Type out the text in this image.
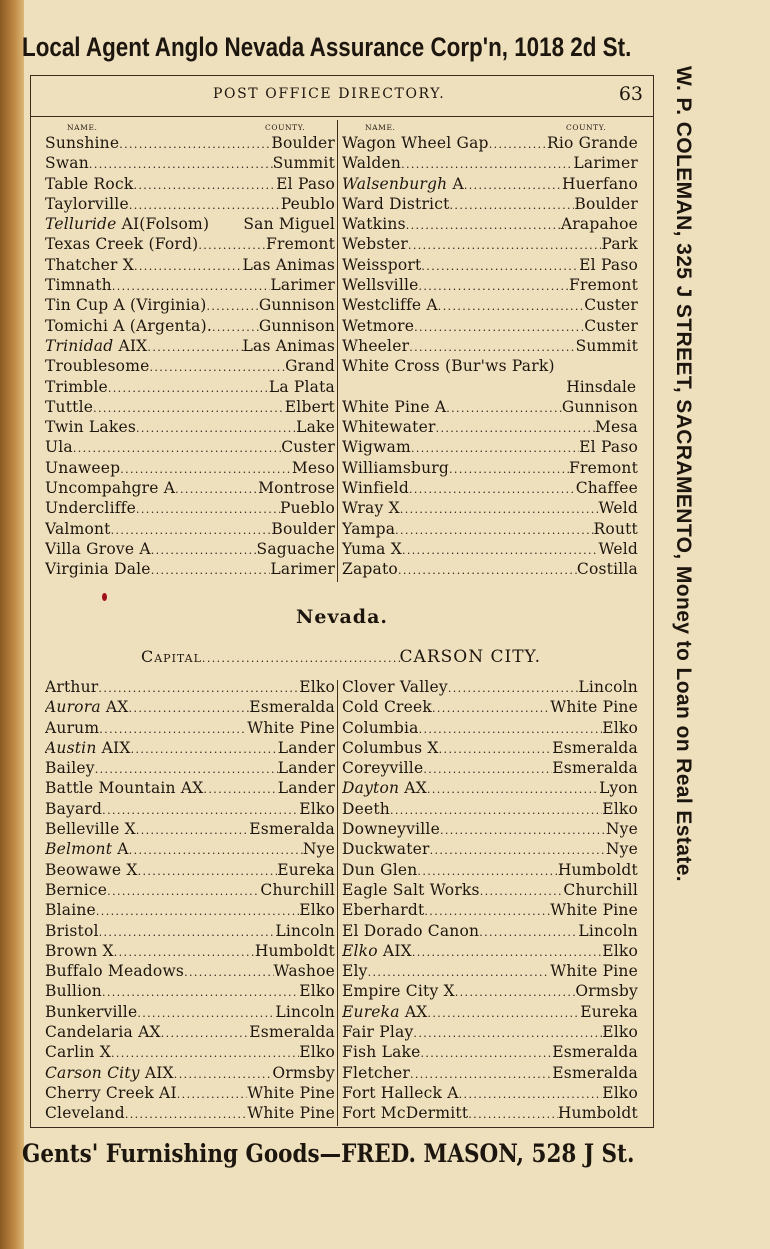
Local Agent Anglo Nevada Assurance Corp'n, 1018 2d St.
W. P. COLEMAN, 325 J STREET, SACRAMENTO, Money to Loan on Real Estate.
Gents' Furnishing Goods—FRED. MASON, 528 J St.
POST OFFICE DIRECTORY.	63
NAME.	COUNTY.	NAME.	COUNTY.
Sunshine .....	Boulder
Swan .....	Summit
Table Rock .....	El Paso
Taylorville .....	Peublo
Telluride AI(Folsom) San Miguel
Texas Creek (Ford) .....	Fremont
Thatcher X .....	Las Animas
Timnath .....	Larimer
Tin Cup A (Virginia) .....	Gunnison
Tomichi A (Argenta). .....	Gunnison
Trinidad AIX .....	Las Animas
Troublesome .....	Grand
Trimble .....	La Plata
Tuttle .....	Elbert
Twin Lakes .....	Lake
Ula .....	Custer
Unaweep .....	Meso
Uncompahgre A .....	Montrose
Undercliffe .....	Pueblo
Valmont .....	Boulder
Villa Grove A .....	Saguache
Virginia Dale .....	Larimer
Wagon Wheel Gap .....	Rio Grande
Walden .....	Larimer
Walsenburgh A .....	Huerfano
Ward District .....	Boulder
Watkins .....	Arapahoe
Webster .....	Park
Weissport .....	El Paso
Wellsville .....	Fremont
Westcliffe A .....	Custer
Wetmore .....	Custer
Wheeler .....	Summit
White Cross (Bur'ws Park)
Hinsdale
White Pine A .....	Gunnison
Whitewater .....	Mesa
Wigwam .....	El Paso
Williamsburg .....	Fremont
Winfield .....	Chaffee
Wray X .....	Weld
Yampa .....	Routt
Yuma X .....	Weld
Zapato .....	Costilla
Nevada.
Capital .....	CARSON CITY.
Arthur .....	Elko
Aurora AX .....	Esmeralda
Aurum .....	White Pine
Austin AIX .....	Lander
Bailey .....	Lander
Battle Mountain AX .....	Lander
Bayard .....	Elko
Belleville X .....	Esmeralda
Belmont A .....	Nye
Beowawe X .....	Eureka
Bernice .....	Churchill
Blaine .....	Elko
Bristol .....	Lincoln
Brown X .....	Humboldt
Buffalo Meadows .....	Washoe
Bullion .....	Elko
Bunkerville .....	Lincoln
Candelaria AX .....	Esmeralda
Carlin X .....	Elko
Carson City AIX .....	Ormsby
Cherry Creek AI .....	White Pine
Cleveland .....	White Pine
Clover Valley .....	Lincoln
Cold Creek .....	White Pine
Columbia .....	Elko
Columbus X .....	Esmeralda
Coreyville .....	Esmeralda
Dayton AX .....	Lyon
Deeth .....	Elko
Downeyville .....	Nye
Duckwater .....	Nye
Dun Glen .....	Humboldt
Eagle Salt Works .....	Churchill
Eberhardt .....	White Pine
El Dorado Canon .....	Lincoln
Elko AIX .....	Elko
Ely .....	White Pine
Empire City X .....	Ormsby
Eureka AX .....	Eureka
Fair Play .....	Elko
Fish Lake .....	Esmeralda
Fletcher .....	Esmeralda
Fort Halleck A .....	Elko
Fort McDermitt .....	Humboldt
